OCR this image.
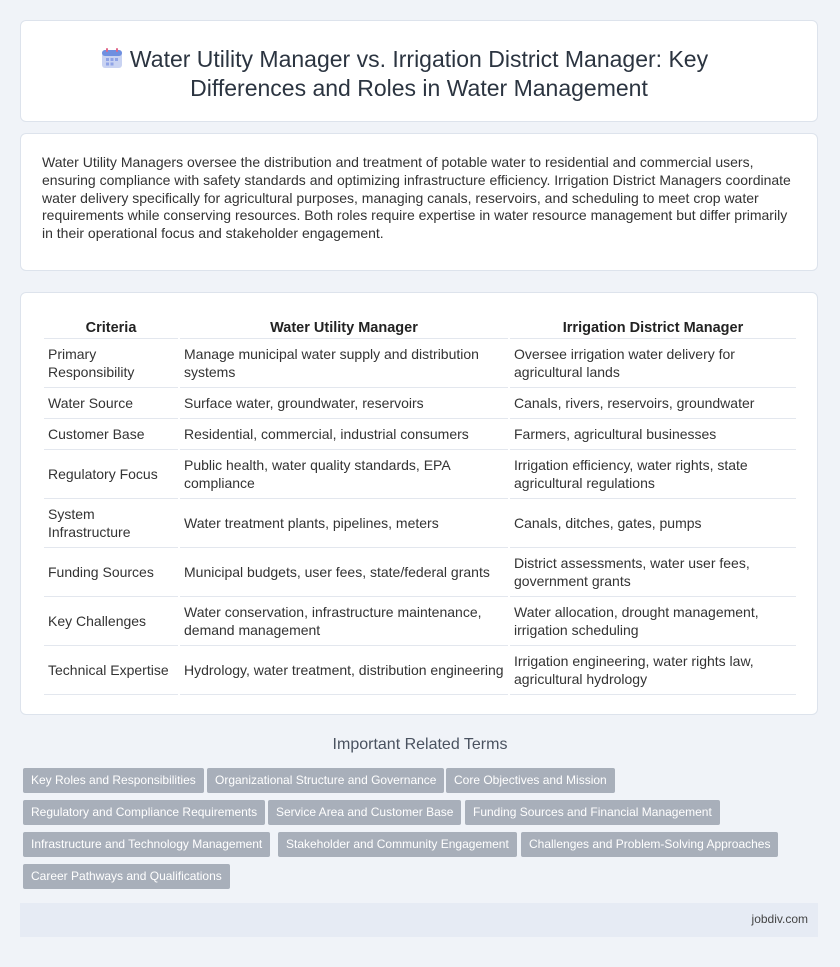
Water Utility Manager vs. Irrigation District Manager: Key Differences and Roles in Water Management

Water Utility Managers oversee the distribution and treatment of potable water to residential and commercial users, ensuring compliance with safety standards and optimizing infrastructure efficiency. Irrigation District Managers coordinate water delivery specifically for agricultural purposes, managing canals, reservoirs, and scheduling to meet crop water requirements while conserving resources. Both roles require expertise in water resource management but differ primarily in their operational focus and stakeholder engagement.

Criteria	Water Utility Manager	Irrigation District Manager
Primary Responsibility	Manage municipal water supply and distribution systems	Oversee irrigation water delivery for agricultural lands
Water Source	Surface water, groundwater, reservoirs	Canals, rivers, reservoirs, groundwater
Customer Base	Residential, commercial, industrial consumers	Farmers, agricultural businesses
Regulatory Focus	Public health, water quality standards, EPA compliance	Irrigation efficiency, water rights, state agricultural regulations
System Infrastructure	Water treatment plants, pipelines, meters	Canals, ditches, gates, pumps
Funding Sources	Municipal budgets, user fees, state/federal grants	District assessments, water user fees, government grants
Key Challenges	Water conservation, infrastructure maintenance, demand management	Water allocation, drought management, irrigation scheduling
Technical Expertise	Hydrology, water treatment, distribution engineering	Irrigation engineering, water rights law, agricultural hydrology
Important Related Terms
Key Roles and Responsibilities	Organizational Structure and Governance	Core Objectives and Mission
Regulatory and Compliance Requirements	Service Area and Customer Base	Funding Sources and Financial Management
Infrastructure and Technology Management	Stakeholder and Community Engagement	Challenges and Problem-Solving Approaches
Career Pathways and Qualifications
jobdiv.com
